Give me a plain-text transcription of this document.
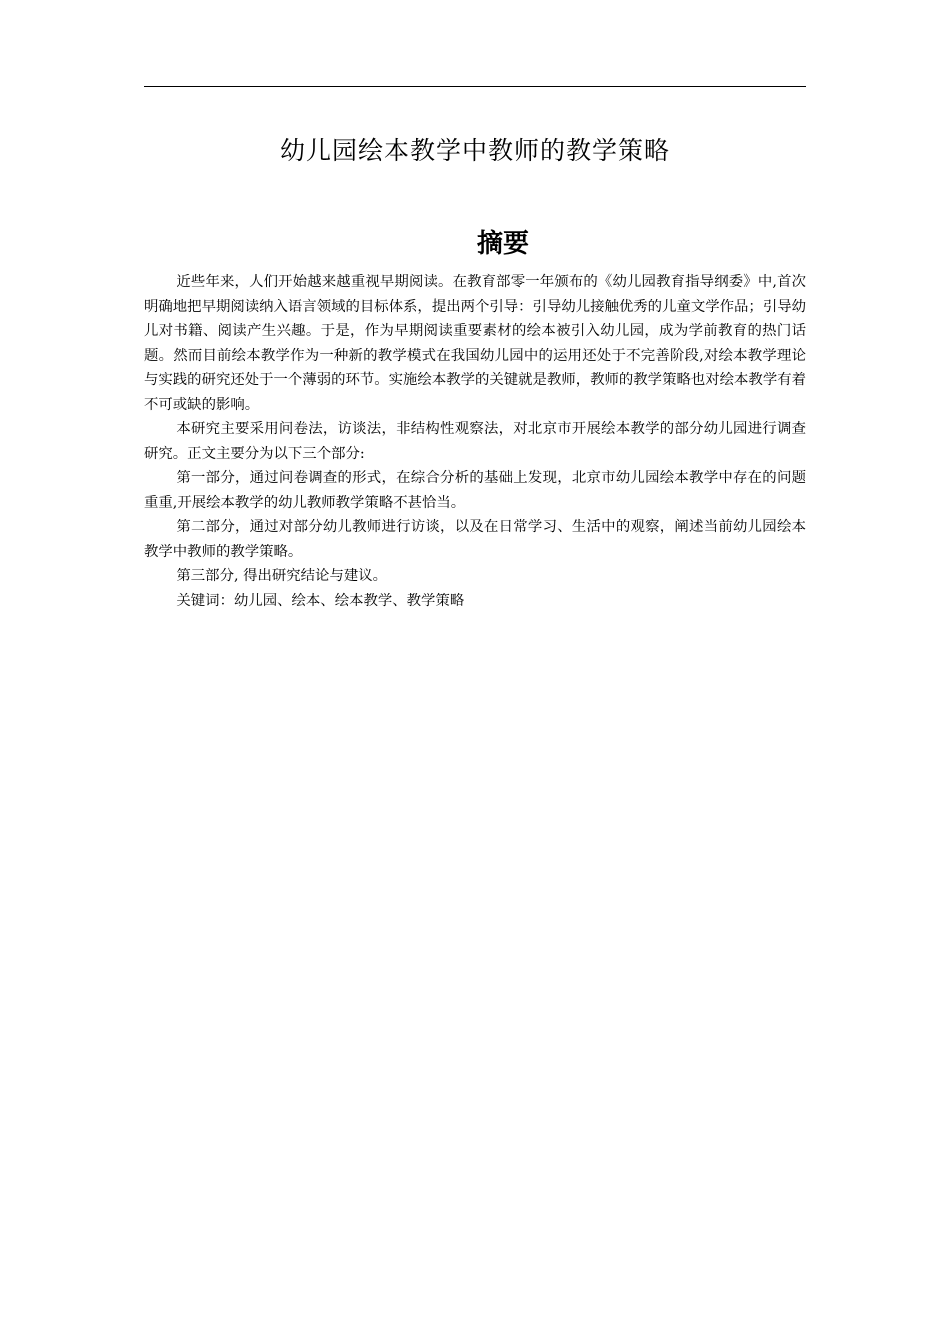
幼儿园绘本教学中教师的教学策略
摘要

近些年来，人们开始越来越重视早期阅读。在教育部零一年颁布的《幼儿园教育指导纲委》中,首次明确地把早期阅读纳入语言领域的目标体系，提出两个引导：引导幼儿接触优秀的儿童文学作品；引导幼儿对书籍、阅读产生兴趣。于是，作为早期阅读重要素材的绘本被引入幼儿园，成为学前教育的热门话题。然而目前绘本教学作为一种新的教学模式在我国幼儿园中的运用还处于不完善阶段,对绘本教学理论与实践的研究还处于一个薄弱的环节。实施绘本教学的关键就是教师，教师的教学策略也对绘本教学有着不可或缺的影响。

本研究主要采用问卷法，访谈法，非结构性观察法，对北京市开展绘本教学的部分幼儿园进行调查研究。正文主要分为以下三个部分:

第一部分，通过问卷调查的形式，在综合分析的基础上发现，北京市幼儿园绘本教学中存在的问题重重,开展绘本教学的幼儿教师教学策略不甚恰当。

第二部分，通过对部分幼儿教师进行访谈，以及在日常学习、生活中的观察，阐述当前幼儿园绘本教学中教师的教学策略。

第三部分, 得出研究结论与建议。

关键词：幼儿园、绘本、绘本教学、教学策略
